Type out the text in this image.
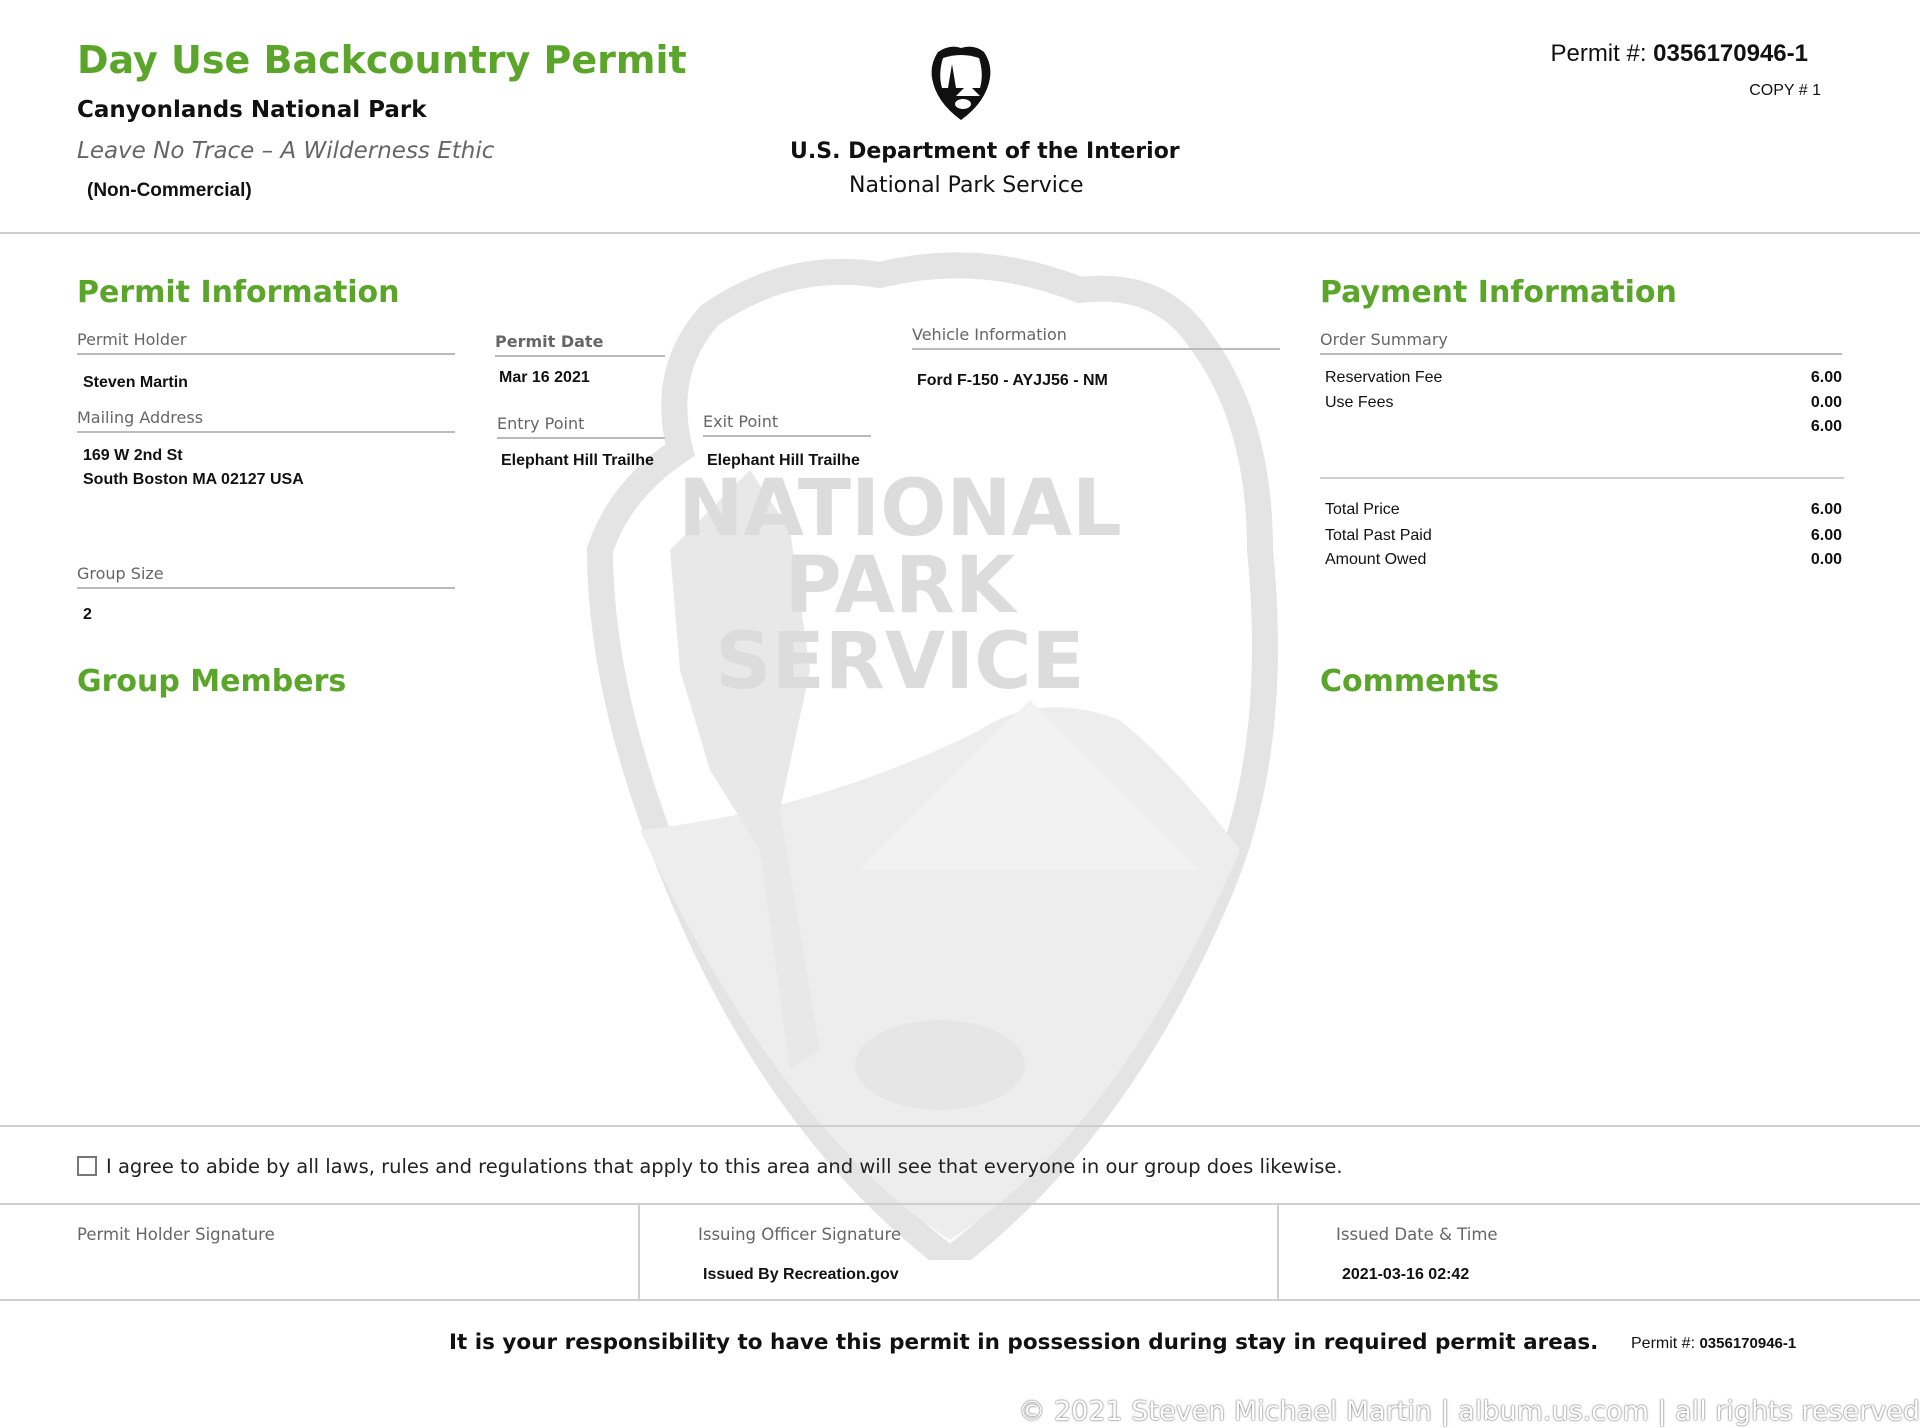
NATIONAL
PARK
SERVICE
Day Use Backcountry Permit
Canyonlands National Park
Leave No Trace – A Wilderness Ethic
(Non-Commercial)
U.S. Department of the Interior
National Park Service
Permit #: 0356170946-1
COPY # 1
Permit Information
Permit Holder
Steven Martin
Mailing Address
169 W 2nd St
South Boston MA 02127 USA
Group Size
2
Permit Date
Mar 16 2021
Entry Point
Elephant Hill Trailhe
Exit Point
Elephant Hill Trailhe
Vehicle Information
Ford F-150 - AYJJ56 - NM
Payment Information
Order Summary
Reservation Fee	6.00
Use Fees	0.00
6.00
Total Price	6.00
Total Past Paid	6.00
Amount Owed	0.00
Group Members	Comments
I agree to abide by all laws, rules and regulations that apply to this area and will see that everyone in our group does likewise.
Permit Holder Signature	Issuing Officer Signature
Issued By Recreation.gov
Issued Date & Time
2021-03-16 02:42
It is your responsibility to have this permit in possession during stay in required permit areas. Permit #: 0356170946-1
© 2021 Steven Michael Martin | album.us.com | all rights reserved
